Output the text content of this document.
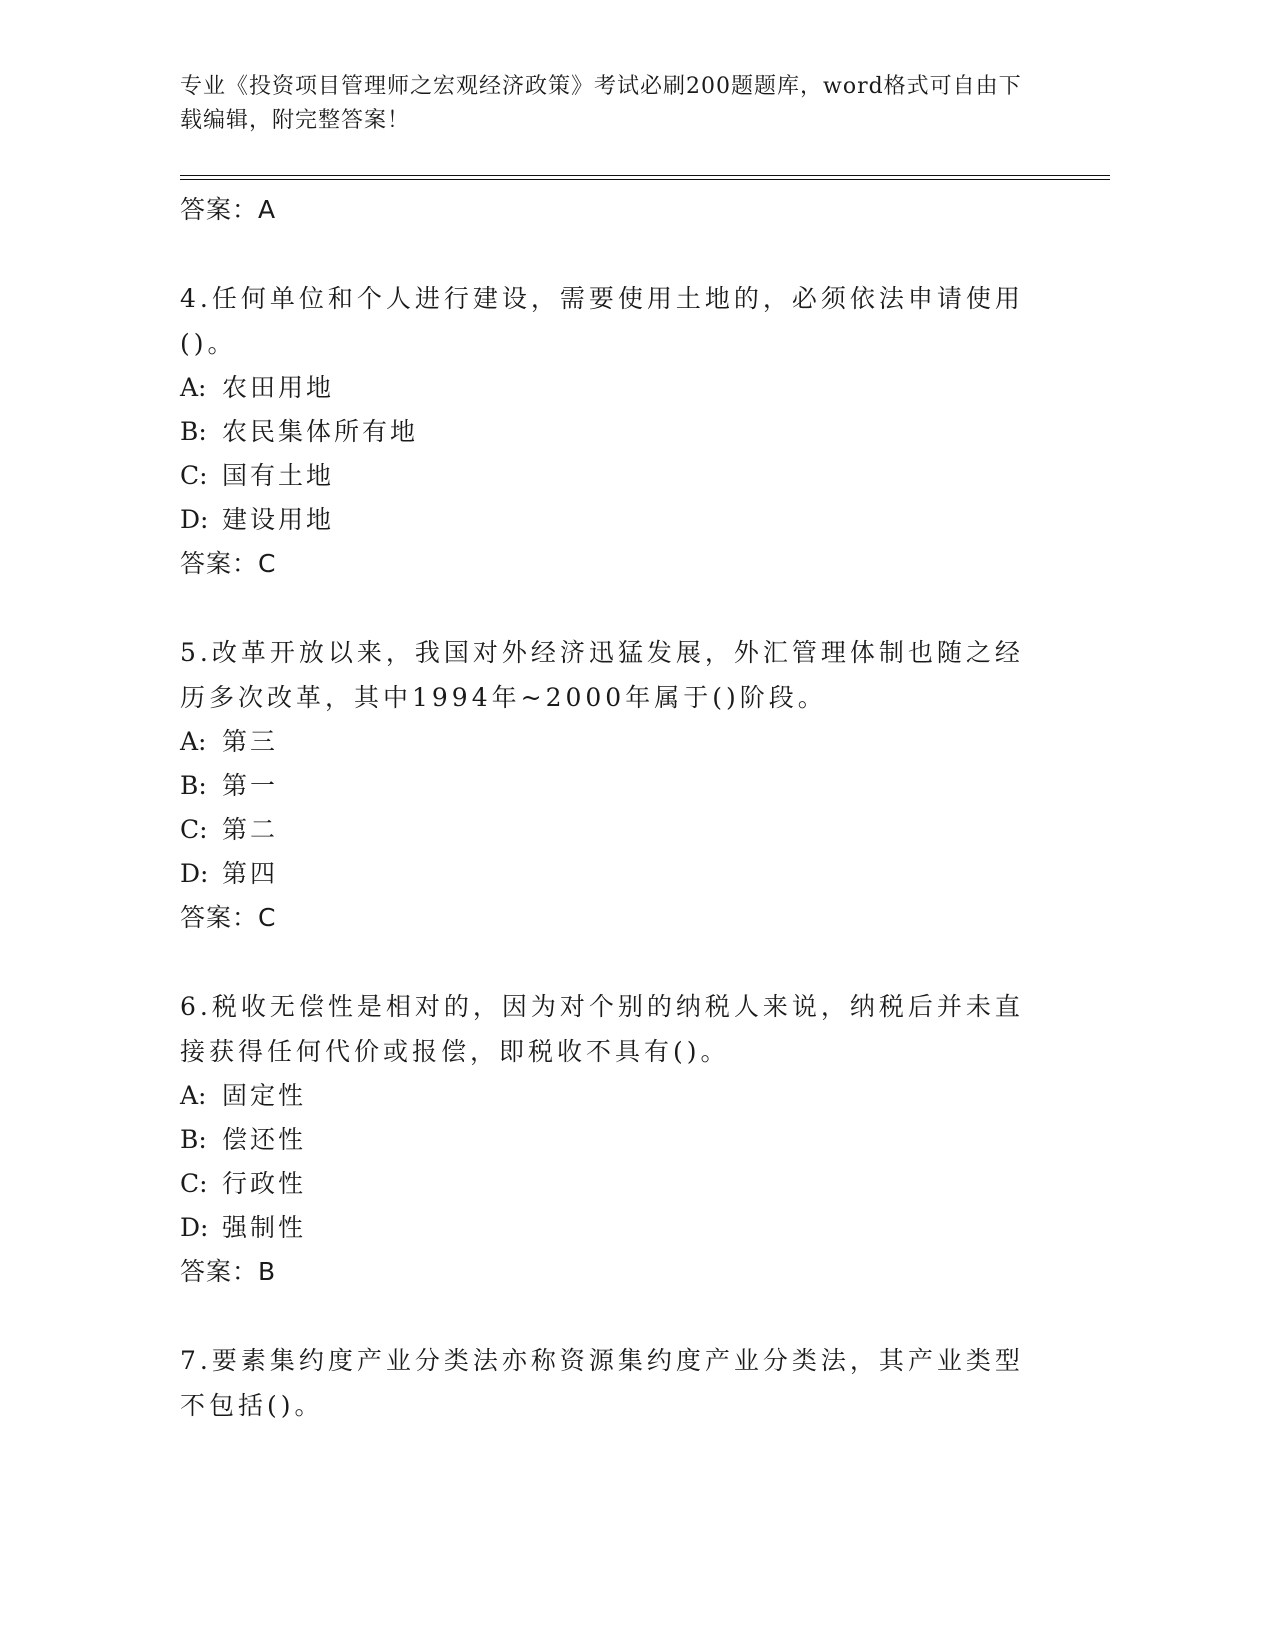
专业《投资项目管理师之宏观经济政策》考试必刷200题题库，word格式可自由下载编辑，附完整答案！
答案：A
4.任何单位和个人进行建设，需要使用土地的，必须依法申请使用()。
A: 农田用地
B: 农民集体所有地
C: 国有土地
D: 建设用地
答案：C
5.改革开放以来，我国对外经济迅猛发展，外汇管理体制也随之经历多次改革，其中1994年~2000年属于()阶段。
A: 第三
B: 第一
C: 第二
D: 第四
答案：C
6.税收无偿性是相对的，因为对个别的纳税人来说，纳税后并未直接获得任何代价或报偿，即税收不具有()。
A: 固定性
B: 偿还性
C: 行政性
D: 强制性
答案：B
7.要素集约度产业分类法亦称资源集约度产业分类法，其产业类型不包括()。
